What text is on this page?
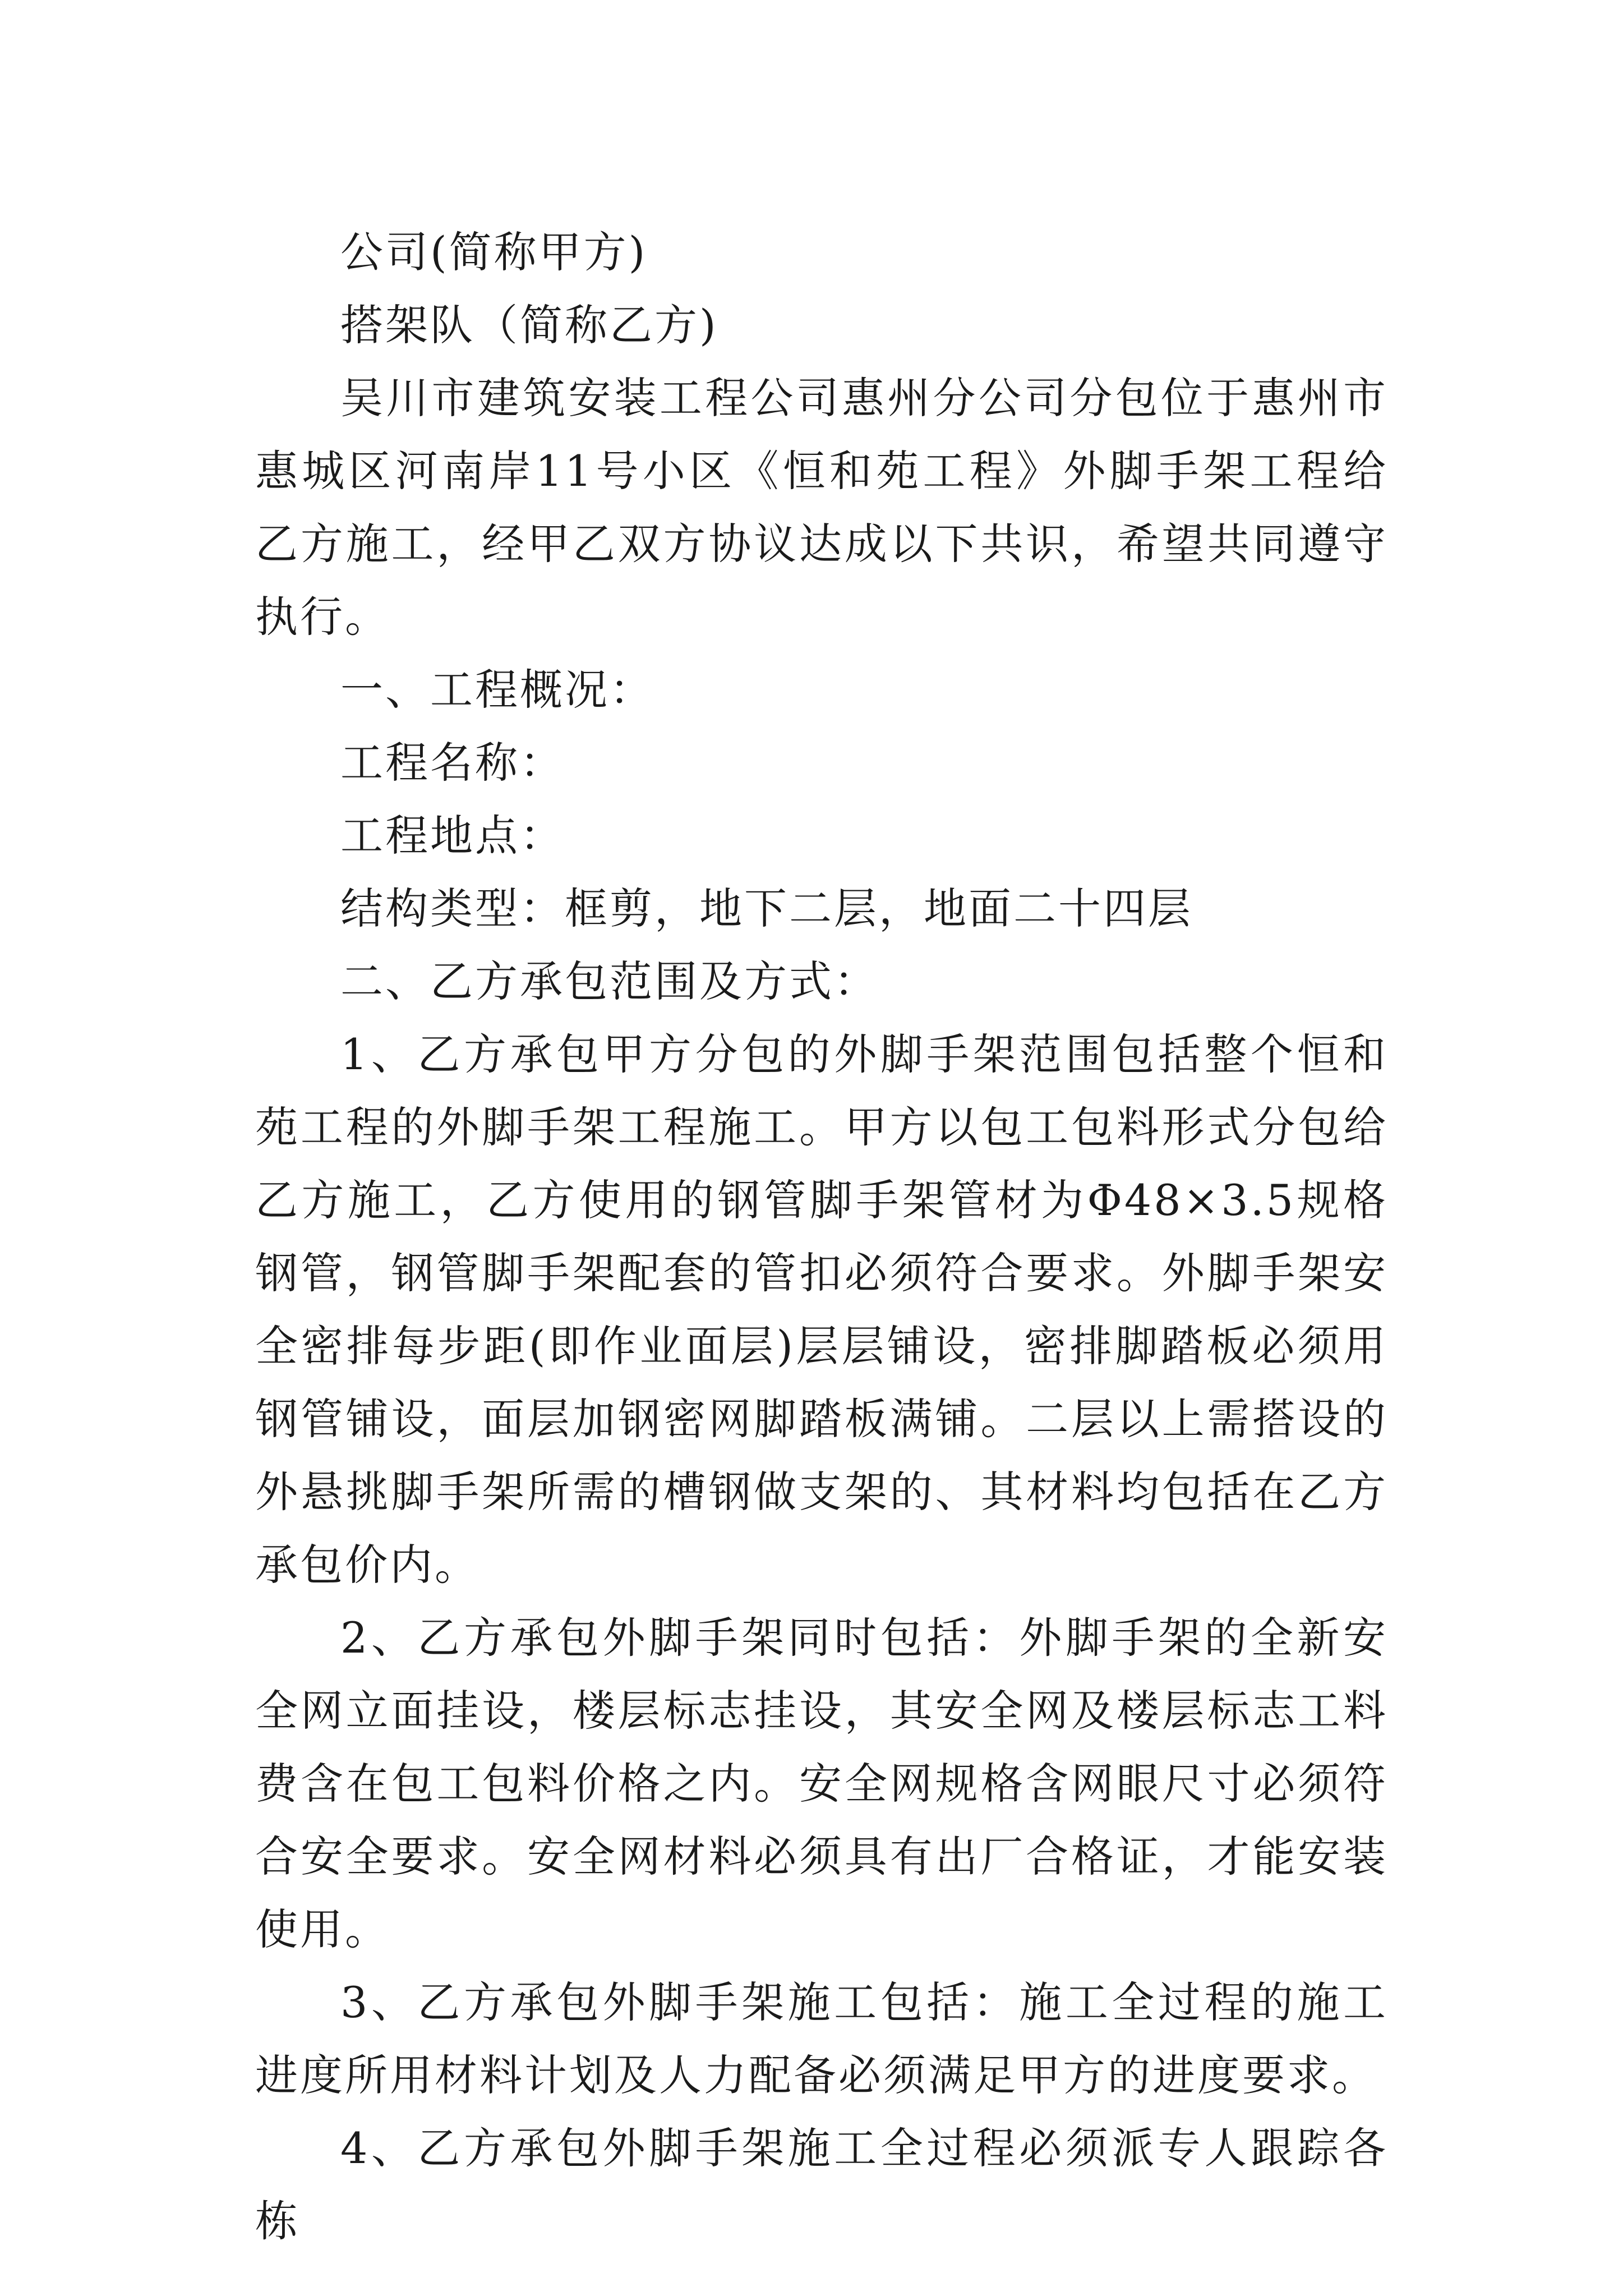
公司(简称甲方)

搭架队（简称乙方)

吴川市建筑安装工程公司惠州分公司分包位于惠州市惠城区河南岸11号小区《恒和苑工程》外脚手架工程给乙方施工，经甲乙双方协议达成以下共识，希望共同遵守执行。

一、工程概况：

工程名称：

工程地点：

结构类型：框剪，地下二层，地面二十四层

二、乙方承包范围及方式：

1、乙方承包甲方分包的外脚手架范围包括整个恒和苑工程的外脚手架工程施工。甲方以包工包料形式分包给乙方施工，乙方使用的钢管脚手架管材为Φ48×3.5规格钢管，钢管脚手架配套的管扣必须符合要求。外脚手架安全密排每步距(即作业面层)层层铺设，密排脚踏板必须用钢管铺设，面层加钢密网脚踏板满铺。二层以上需搭设的外悬挑脚手架所需的槽钢做支架的、其材料均包括在乙方承包价内。

2、乙方承包外脚手架同时包括：外脚手架的全新安全网立面挂设，楼层标志挂设，其安全网及楼层标志工料费含在包工包料价格之内。安全网规格含网眼尺寸必须符合安全要求。安全网材料必须具有出厂合格证，才能安装使用。

3、乙方承包外脚手架施工包括：施工全过程的施工进度所用材料计划及人力配备必须满足甲方的进度要求。

4、乙方承包外脚手架施工全过程必须派专人跟踪各栋
